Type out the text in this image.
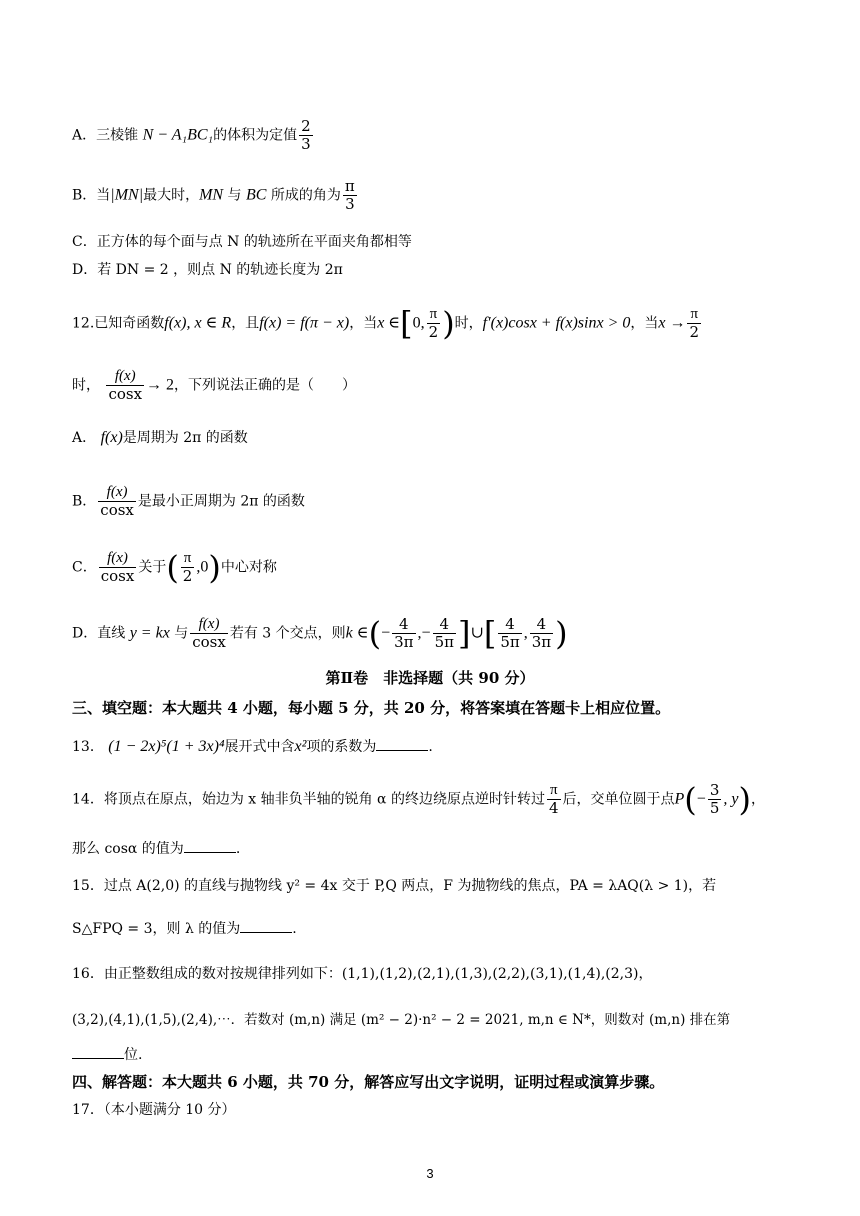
A．三棱锥 N − A₁BC₁的体积为定值 $\frac{2}{3}$
B．当|MN|最大时，MN 与 BC 所成的角为 $\frac{\pi}{3}$
C．正方体的每个面与点 N 的轨迹所在平面夹角都相等
D．若 DN = 2 ，则点 N 的轨迹长度为 2π
12.已知奇函数f(x), x ∈ R，且f(x) = f(π − x)，当x ∈[0, $\frac{\pi}{2}$ )时，f′(x)cosx + f(x)sinx > 0，当$x \to \frac{\pi}{2}$
时， $\frac{f(x)}{\cos x} \to 2$，下列说法正确的是（　　）
A． f(x)是周期为 2π 的函数
B． $\frac{f(x)}{\cos x}$ 是最小正周期为 2π 的函数
C． $\frac{f(x)}{\cos x}$ 关于( $\frac{\pi}{2} ,0$)中心对称
D．直线 y = kx 与 $\frac{f(x)}{\cos x}$ 若有 3 个交点，则k ∈(− $\frac{4}{3\pi}$ ,− $\frac{4}{5\pi}$ ]∪[ $\frac{4}{5\pi}$ , $\frac{4}{3\pi}$ )
第Ⅱ卷　非选择题（共 90 分）
三、填空题：本大题共 4 小题，每小题 5 分，共 20 分，将答案填在答题卡上相应位置。
13． (1 − 2x)⁵(1 + 3x)⁴展开式中含x²项的系数为	.
14．将顶点在原点，始边为 x 轴非负半轴的锐角 α 的终边绕原点逆时针转过 $\frac{\pi}{4}$ 后，交单位圆于点$P(- \frac{3}{5}$ , y)，
那么 cosα 的值为	.
15．过点 A(2,0) 的直线与抛物线 y² = 4x 交于 P,Q 两点，F 为抛物线的焦点，PA = λAQ(λ > 1)，若
S△FPQ = 3，则 λ 的值为	.
16．由正整数组成的数对按规律排列如下：(1,1),(1,2),(2,1),(1,3),(2,2),(3,1),(1,4),(2,3)，
(3,2),(4,1),(1,5),(2,4),⋯．若数对 (m,n) 满足 (m² − 2)·n² − 2 = 2021, m,n ∈ N*，则数对 (m,n) 排在第
位.
四、解答题：本大题共 6 小题，共 70 分，解答应写出文字说明，证明过程或演算步骤。
17．（本小题满分 10 分）
3
